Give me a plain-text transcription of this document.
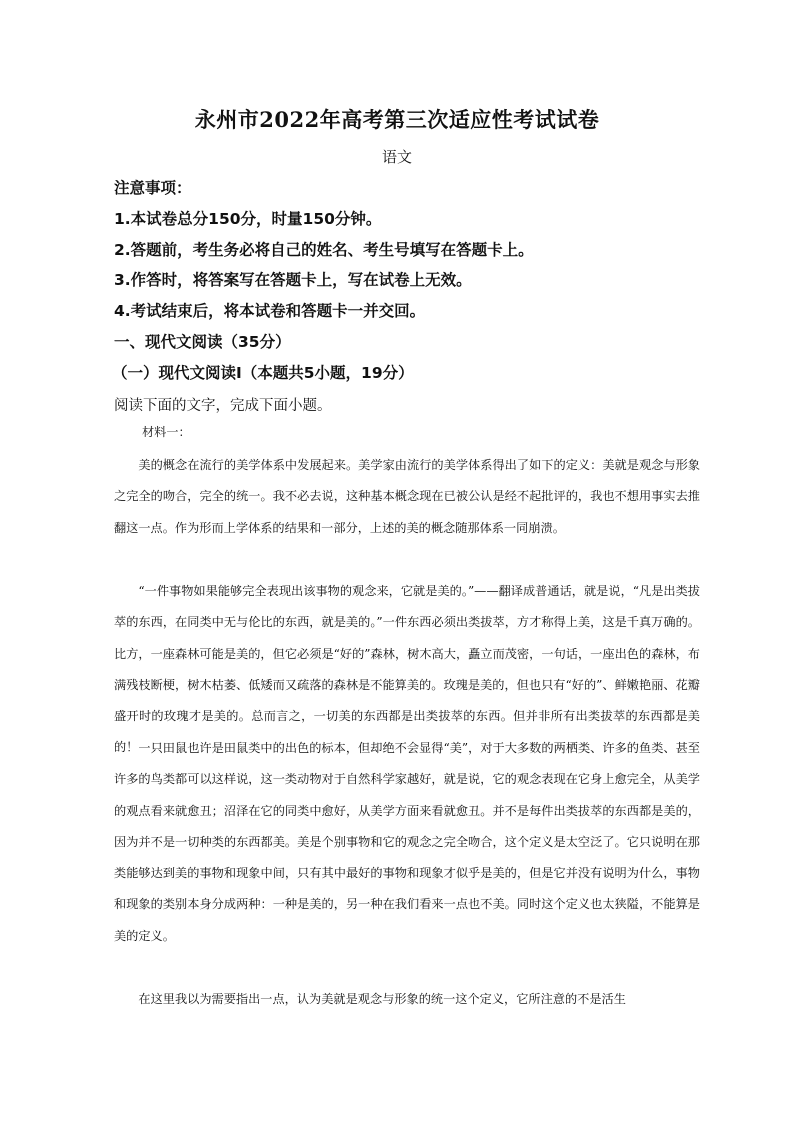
永州市2022年高考第三次适应性考试试卷
语文
注意事项：
1.本试卷总分150分，时量150分钟。
2.答题前，考生务必将自己的姓名、考生号填写在答题卡上。
3.作答时，将答案写在答题卡上，写在试卷上无效。
4.考试结束后，将本试卷和答题卡一并交回。
一、现代文阅读（35分）
（一）现代文阅读Ⅰ（本题共5小题，19分）
阅读下面的文字，完成下面小题。
材料一：

美的概念在流行的美学体系中发展起来。美学家由流行的美学体系得出了如下的定义：美就是观念与形象之完全的吻合，完全的统一。我不必去说，这种基本概念现在已被公认是经不起批评的，我也不想用事实去推翻这一点。作为形而上学体系的结果和一部分，上述的美的概念随那体系一同崩溃。

“一件事物如果能够完全表现出该事物的观念来，它就是美的。”——翻译成普通话，就是说，“凡是出类拔萃的东西，在同类中无与伦比的东西，就是美的。”一件东西必须出类拔萃，方才称得上美，这是千真万确的。比方，一座森林可能是美的，但它必须是“好的”森林，树木高大，矗立而茂密，一句话，一座出色的森林，布满残枝断梗，树木枯萎、低矮而又疏落的森林是不能算美的。玫瑰是美的，但也只有“好的”、鲜嫩艳丽、花瓣盛开时的玫瑰才是美的。总而言之，一切美的东西都是出类拔萃的东西。但并非所有出类拔萃的东西都是美的！ 一只田鼠也许是田鼠类中的出色的标本，但却绝不会显得“美”，对于大多数的两栖类、许多的鱼类、甚至许多的鸟类都可以这样说，这一类动物对于自然科学家越好，就是说，它的观念表现在它身上愈完全，从美学的观点看来就愈丑；沼泽在它的同类中愈好，从美学方面来看就愈丑。并不是每件出类拔萃的东西都是美的，因为并不是一切种类的东西都美。美是个别事物和它的观念之完全吻合，这个定义是太空泛了。它只说明在那类能够达到美的事物和现象中间，只有其中最好的事物和现象才似乎是美的，但是它并没有说明为什么，事物和现象的类别本身分成两种：一种是美的，另一种在我们看来一点也不美。同时这个定义也太狭隘，不能算是美的定义。

在这里我以为需要指出一点，认为美就是观念与形象的统一这个定义，它所注意的不是活生
